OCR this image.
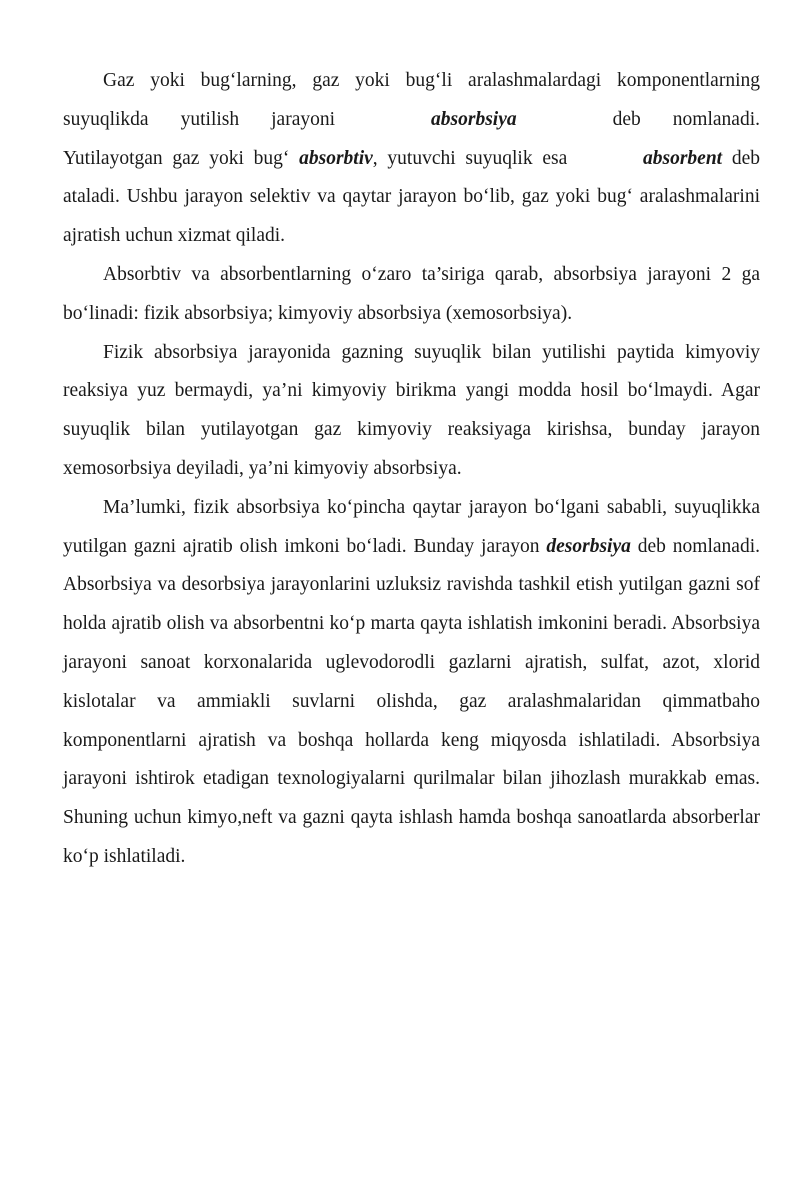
Gaz yoki bug‘larning, gaz yoki bug‘li aralashmalardagi komponentlarning suyuqlikda yutilish jarayoni	absorbsiya	deb nomlanadi. Yutilayotgan gaz yoki bug‘ absorbtiv, yutuvchi suyuqlik esa	absorbent deb ataladi. Ushbu jarayon selektiv va qaytar jarayon bo‘lib, gaz yoki bug‘ aralashmalarini ajratish uchun xizmat qiladi.

Absorbtiv va absorbentlarning o‘zaro ta’siriga qarab, absorbsiya jarayoni 2 ga bo‘linadi: fizik absorbsiya; kimyoviy absorbsiya (xemosorbsiya).

Fizik absorbsiya jarayonida gazning suyuqlik bilan yutilishi paytida kimyoviy reaksiya yuz bermaydi, ya’ni kimyoviy birikma yangi modda hosil bo‘lmaydi. Agar suyuqlik bilan yutilayotgan gaz kimyoviy reaksiyaga kirishsa, bunday jarayon xemosorbsiya deyiladi, ya’ni kimyoviy absorbsiya.

Ma’lumki, fizik absorbsiya ko‘pincha qaytar jarayon bo‘lgani sababli, suyuqlikka yutilgan gazni ajratib olish imkoni bo‘ladi. Bunday jarayon desorbsiya deb nomlanadi. Absorbsiya va desorbsiya jarayonlarini uzluksiz ravishda tashkil etish yutilgan gazni sof holda ajratib olish va absorbentni ko‘p marta qayta ishlatish imkonini beradi. Absorbsiya jarayoni sanoat korxonalarida uglevodorodli gazlarni ajratish, sulfat, azot, xlorid kislotalar va ammiakli suvlarni olishda, gaz aralashmalaridan qimmatbaho komponentlarni ajratish va boshqa hollarda keng miqyosda ishlatiladi. Absorbsiya jarayoni ishtirok etadigan texnologiyalarni qurilmalar bilan jihozlash murakkab emas. Shuning uchun kimyo,neft va gazni qayta ishlash hamda boshqa sanoatlarda absorberlar ko‘p ishlatiladi.
